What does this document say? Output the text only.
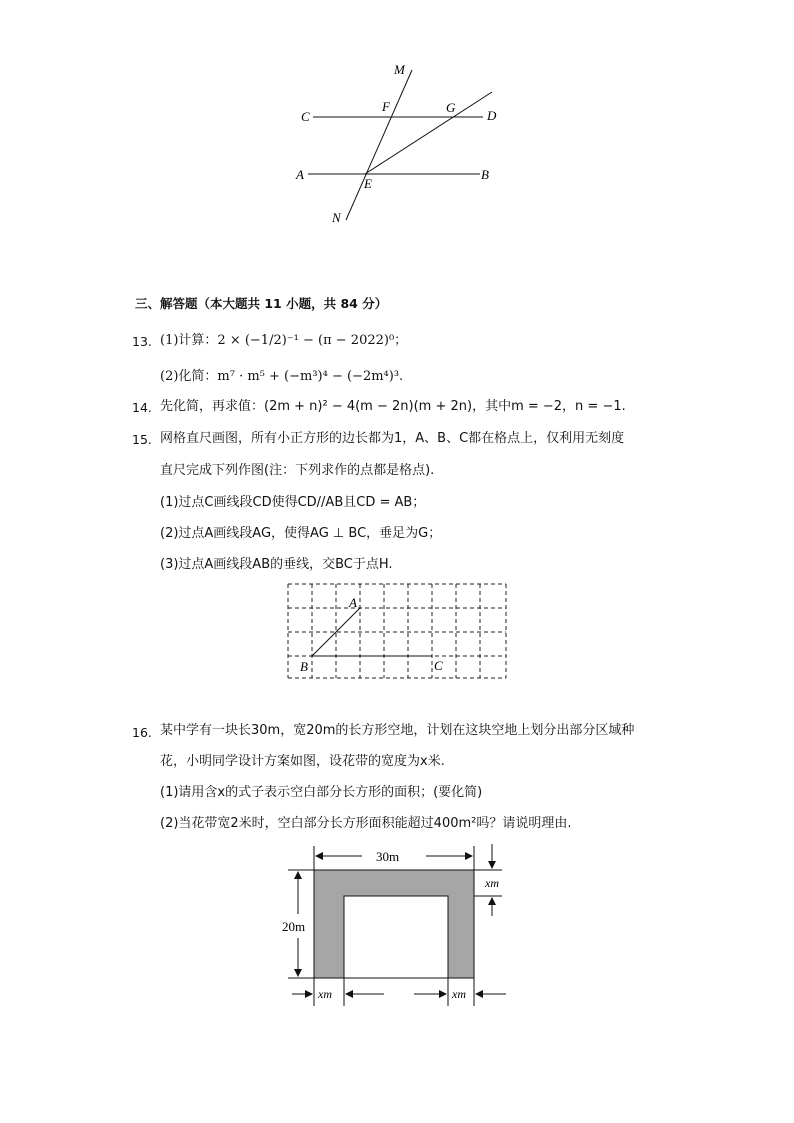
M
F	G
C	D
A
E
B
N
三、解答题（本大题共 11 小题，共 84 分）
13. (1)计算：2 × (−1/2)⁻¹ − (π − 2022)⁰；
(2)化简：m⁷ · m⁵ + (−m³)⁴ − (−2m⁴)³.
14. 先化简，再求值：(2m + n)² − 4(m − 2n)(m + 2n)，其中m = −2，n = −1.
15. 网格直尺画图，所有小正方形的边长都为1，A、B、C都在格点上，仅利用无刻度
直尺完成下列作图(注：下列求作的点都是格点).
(1)过点C画线段CD使得CD//AB且CD = AB；
(2)过点A画线段AG，使得AG ⊥ BC，垂足为G；
(3)过点A画线段AB的垂线，交BC于点H.
A
B	C
16. 某中学有一块长30m，宽20m的长方形空地，计划在这块空地上划分出部分区域种
花，小明同学设计方案如图，设花带的宽度为x米.
(1)请用含x的式子表示空白部分长方形的面积；(要化简)
(2)当花带宽2米时，空白部分长方形面积能超过400m²吗？请说明理由.
30m
20m
xm
xm	xm
